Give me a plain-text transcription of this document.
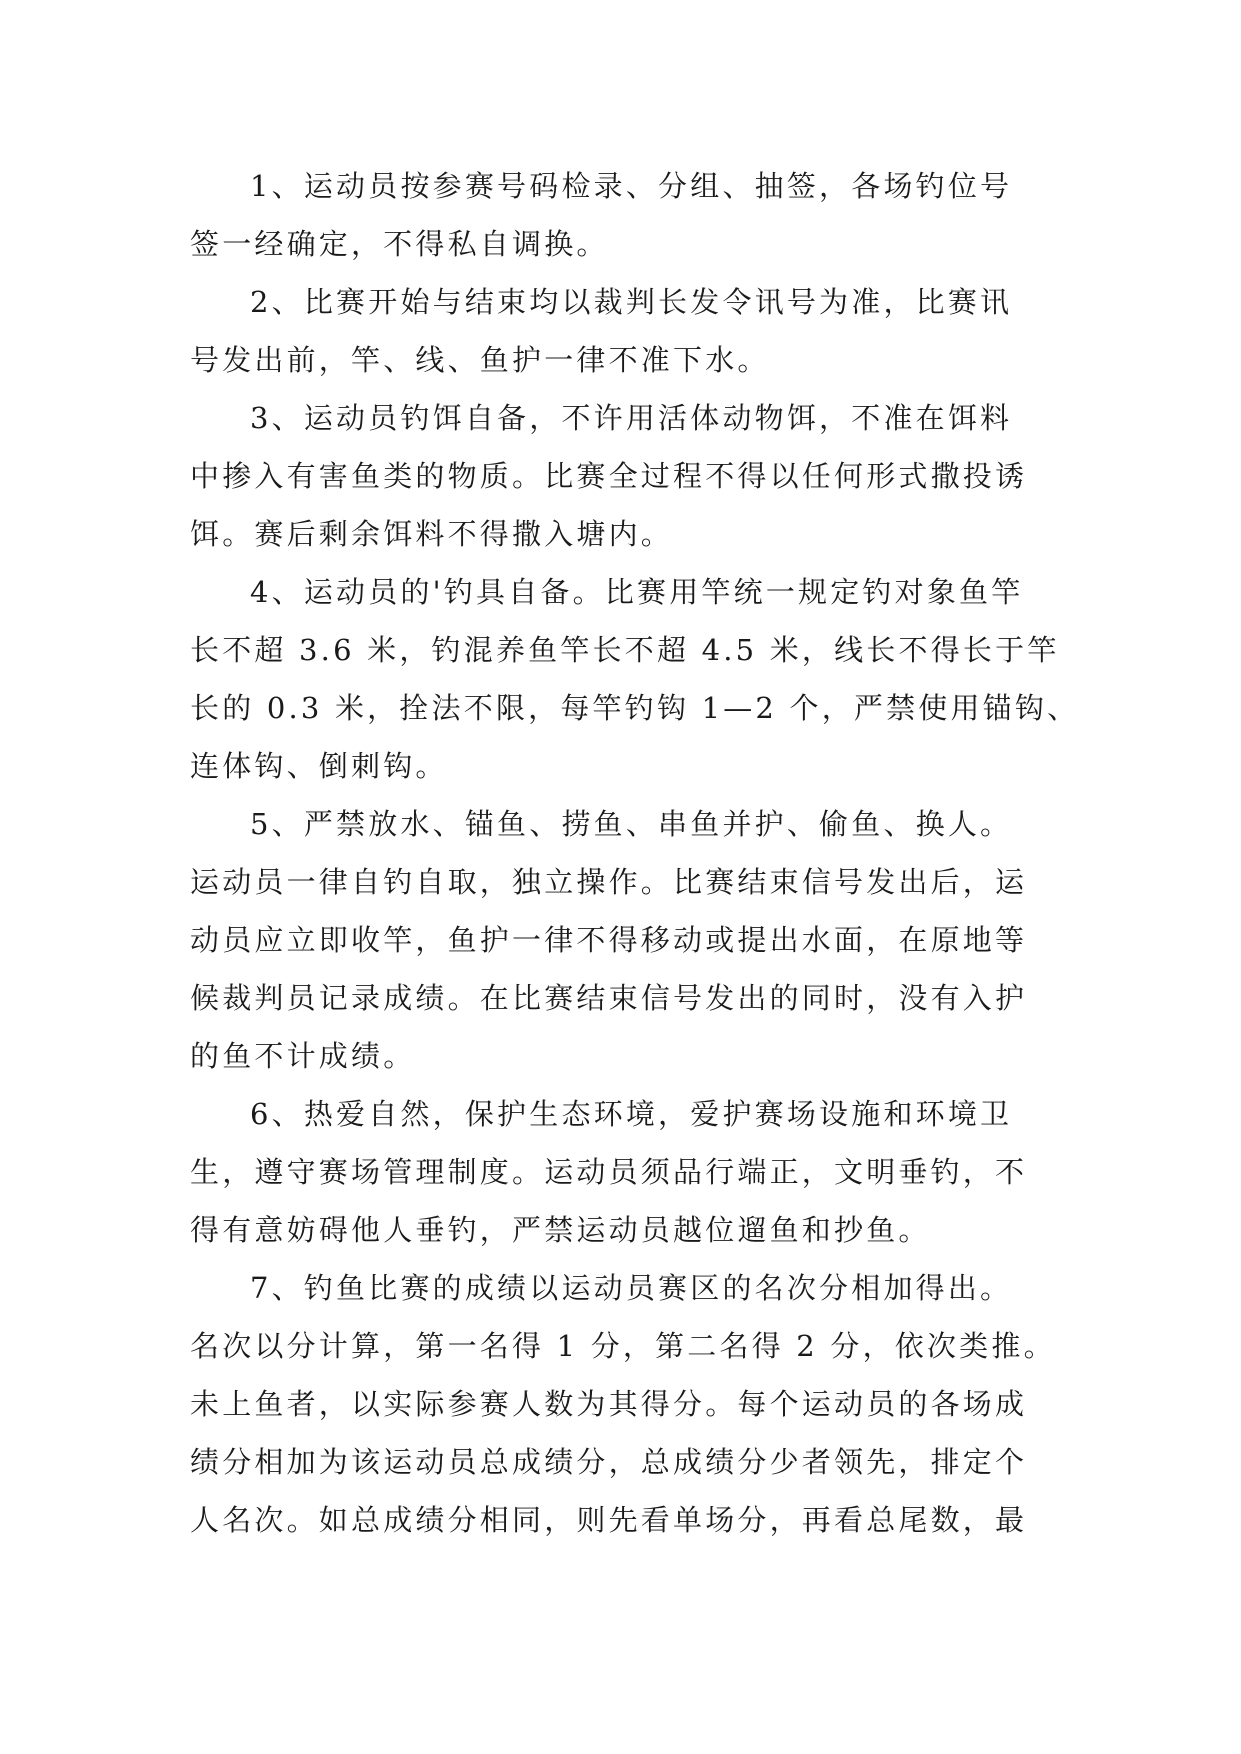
1、运动员按参赛号码检录、分组、抽签，各场钓位号
签一经确定，不得私自调换。
2、比赛开始与结束均以裁判长发令讯号为准，比赛讯
号发出前，竿、线、鱼护一律不准下水。
3、运动员钓饵自备，不许用活体动物饵，不准在饵料
中掺入有害鱼类的物质。比赛全过程不得以任何形式撒投诱
饵。赛后剩余饵料不得撒入塘内。
4、运动员的'钓具自备。比赛用竿统一规定钓对象鱼竿
长不超 3.6 米，钓混养鱼竿长不超 4.5 米，线长不得长于竿
长的 0.3 米，拴法不限，每竿钓钩 1—2 个，严禁使用锚钩、
连体钩、倒刺钩。
5、严禁放水、锚鱼、捞鱼、串鱼并护、偷鱼、换人。
运动员一律自钓自取，独立操作。比赛结束信号发出后，运
动员应立即收竿，鱼护一律不得移动或提出水面，在原地等
候裁判员记录成绩。在比赛结束信号发出的同时，没有入护
的鱼不计成绩。
6、热爱自然，保护生态环境，爱护赛场设施和环境卫
生，遵守赛场管理制度。运动员须品行端正，文明垂钓，不
得有意妨碍他人垂钓，严禁运动员越位遛鱼和抄鱼。
7、钓鱼比赛的成绩以运动员赛区的名次分相加得出。
名次以分计算，第一名得 1 分，第二名得 2 分，依次类推。
未上鱼者，以实际参赛人数为其得分。每个运动员的各场成
绩分相加为该运动员总成绩分，总成绩分少者领先，排定个
人名次。如总成绩分相同，则先看单场分，再看总尾数，最
